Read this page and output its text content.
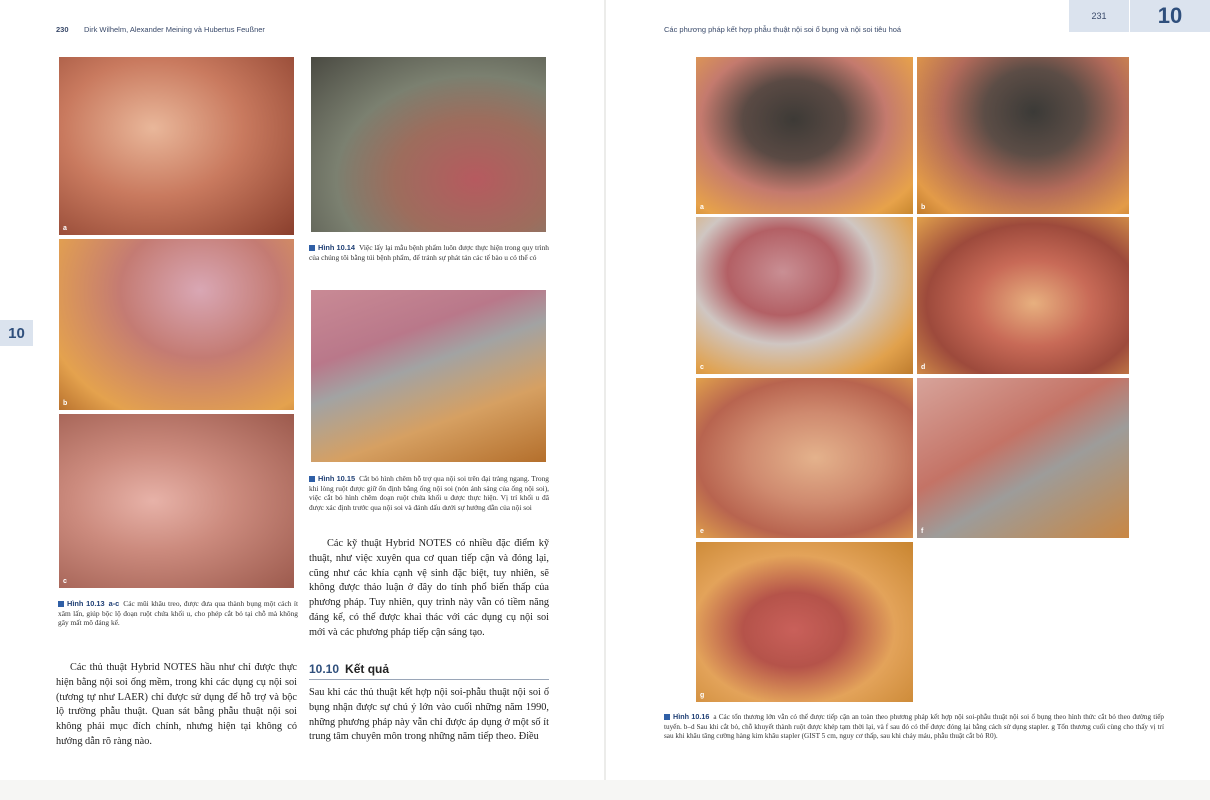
230 Dirk Wilhelm, Alexander Meining và Hubertus Feußner
10
a
b
c
Hình 10.13 a-c Các mũi khâu treo, được đưa qua thành bụng một cách ít xâm lấn, giúp bộc lộ đoạn ruột chứa khối u, cho phép cắt bỏ tại chỗ mà không gây mất mô đáng kể.
Hình 10.14 Việc lấy lại mẫu bệnh phẩm luôn được thực hiện trong quy trình của chúng tôi bằng túi bệnh phẩm, để tránh sự phát tán các tế bào u có thể có
Hình 10.15 Cắt bỏ hình chêm hỗ trợ qua nội soi trên đại tràng ngang. Trong khi lòng ruột được giữ ổn định bằng ống nội soi (nón ánh sáng của ống nội soi), việc cắt bỏ hình chêm đoạn ruột chứa khối u được thực hiện. Vị trí khối u đã được xác định trước qua nội soi và đánh dấu dưới sự hướng dẫn của nội soi
Các kỹ thuật Hybrid NOTES có nhiều đặc điểm kỹ thuật, như việc xuyên qua cơ quan tiếp cận và đóng lại, cũng như các khía cạnh vệ sinh đặc biệt, tuy nhiên, sẽ không được thảo luận ở đây do tính phổ biến thấp của phương pháp. Tuy nhiên, quy trình này vẫn có tiềm năng đáng kể, có thể được khai thác với các dụng cụ nội soi mới và các phương pháp tiếp cận sáng tạo.
Các thủ thuật Hybrid NOTES hầu như chỉ được thực hiện bằng nội soi ống mềm, trong khi các dụng cụ nội soi (tương tự như LAER) chỉ được sử dụng để hỗ trợ và bộc lộ trường phẫu thuật. Quan sát bằng phẫu thuật nội soi không phải mục đích chính, nhưng hiện tại không có hướng dẫn rõ ràng nào.
10.10 Kết quả
Sau khi các thủ thuật kết hợp nội soi-phẫu thuật nội soi ổ bụng nhận được sự chú ý lớn vào cuối những năm 1990, những phương pháp này vẫn chỉ được áp dụng ở một số ít trung tâm chuyên môn trong những năm tiếp theo. Điều
Các phương pháp kết hợp phẫu thuật nội soi ổ bụng và nội soi tiêu hoá
231	10
a	b
c	d
e	f
g
Hình 10.16 a Các tổn thương lớn vẫn có thể được tiếp cận an toàn theo phương pháp kết hợp nội soi-phẫu thuật nội soi ổ bụng theo hình thức cắt bỏ theo đường tiếp tuyến. b–d Sau khi cắt bỏ, chỗ khuyết thành ruột được khép tạm thời lại, và f sau đó có thể được đóng lại bằng cách sử dụng stapler. g Tổn thương cuối cùng cho thấy vị trí sau khi khâu tăng cường hàng kim khâu stapler (GIST 5 cm, nguy cơ thấp, sau khi chảy máu, phẫu thuật cắt bỏ R0).
